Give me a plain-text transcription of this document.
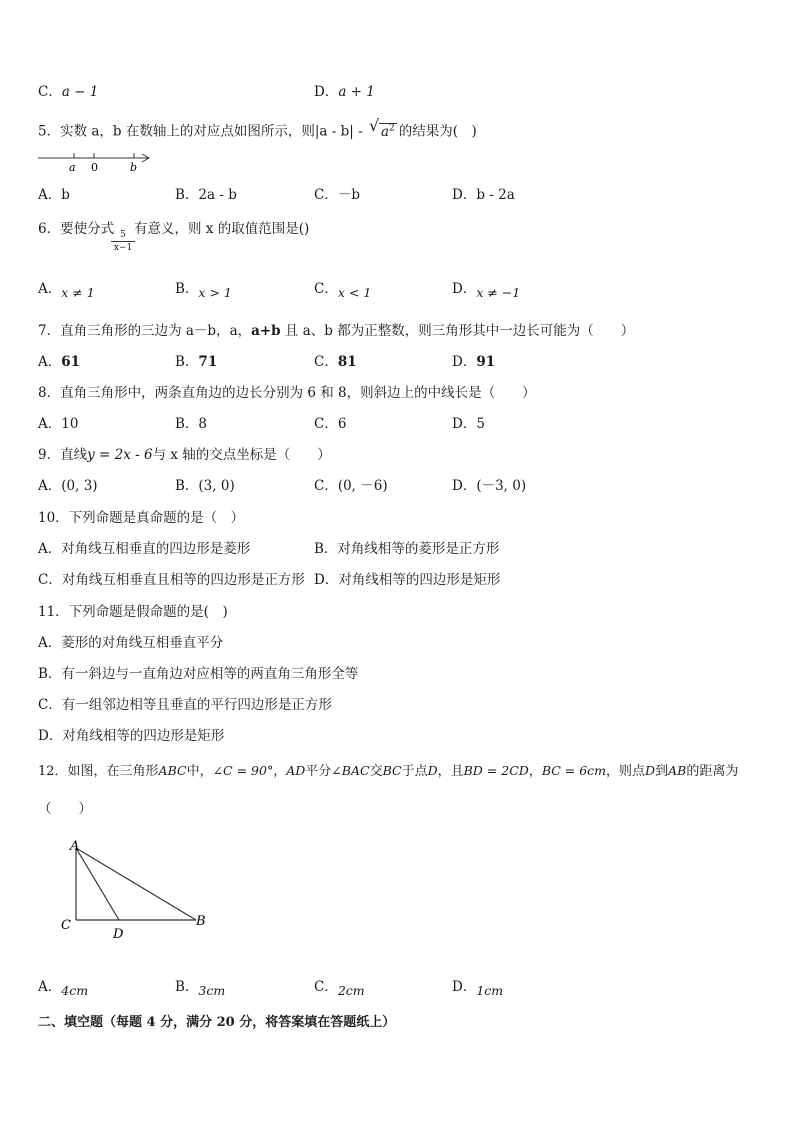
C．a − 1	D．a + 1
5．实数 a，b 在数轴上的对应点如图所示，则|a - b| - √ $a^2$ 的结果为(　)
a 0	b
A．b	B．2a - b	C．－b	D．b - 2a
6．要使分式 5
x−1
有意义，则 x 的取值范围是()
A．x ≠ 1	B．x > 1	C．x < 1	D．x ≠ −1
7．直角三角形的三边为 a－b，a，a+b 且 a、b 都为正整数，则三角形其中一边长可能为（　　）
A．61	B．71	C．81	D．91
8．直角三角形中，两条直角边的边长分别为 6 和 8，则斜边上的中线长是（　　）
A．10	B．8	C．6	D．5
9．直线y = 2x - 6与 x 轴的交点坐标是（　　）
A．(0, 3)	B．(3, 0)	C．(0, －6)	D．(－3, 0)
10．下列命题是真命题的是（　）
A．对角线互相垂直的四边形是菱形	B．对角线相等的菱形是正方形
C．对角线互相垂直且相等的四边形是正方形 D．对角线相等的四边形是矩形
11．下列命题是假命题的是(　)
A．菱形的对角线互相垂直平分
B．有一斜边与一直角边对应相等的两直角三角形全等
C．有一组邻边相等且垂直的平行四边形是正方形
D．对角线相等的四边形是矩形
12．如图，在三角形ABC中，∠C = 90°，AD平分∠BAC交BC于点D，且BD = 2CD，BC = 6cm，则点D到AB的距离为
（　　）
A
C
D
B
A．4cm	B．3cm	C．2cm	D．1cm
二、填空题（每题 4 分，满分 20 分，将答案填在答题纸上）
